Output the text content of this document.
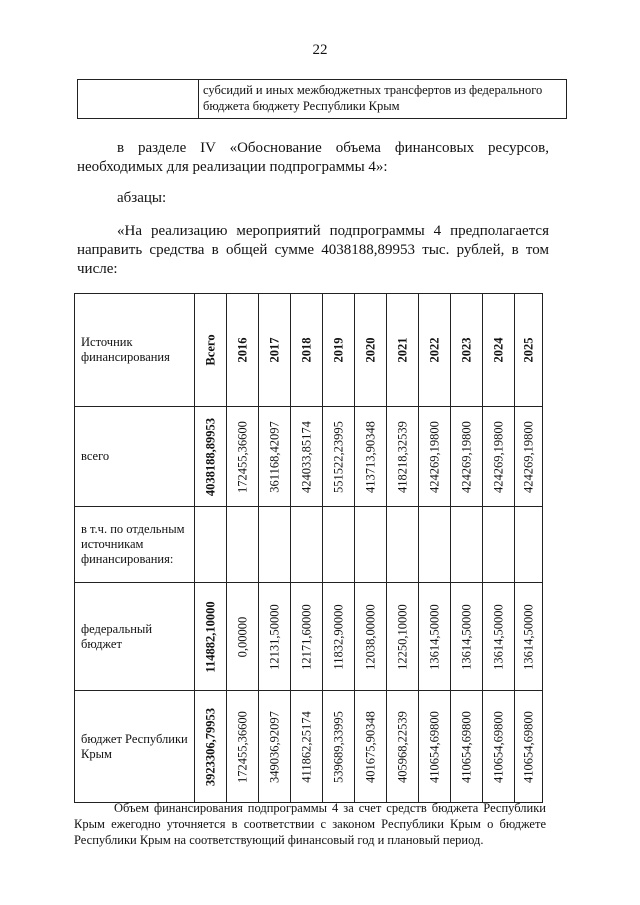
22
субсидий и иных межбюджетных трансфертов из федерального бюджета бюджету Республики Крым
в разделе IV «Обоснование объема финансовых ресурсов, необходимых для реализации подпрограммы 4»:
абзацы:
«На реализацию мероприятий подпрограммы 4 предполагается направить средства в общей сумме 4038188,89953 тыс. рублей, в том числе:
Источник финансирования	Всего	2016	2017	2018	2019	2020	2021	2022	2023	2024	2025

всего	4038188,89953	172455,36600	361168,42097	424033,85174	551522,23995	413713,90348	418218,32539	424269,19800	424269,19800	424269,19800	424269,19800

в т.ч. по отдельным источникам финансирования:											
федеральный бюджет	114882,10000	0,00000	12131,50000	12171,60000	11832,90000	12038,00000	12250,10000	13614,50000	13614,50000	13614,50000	13614,50000

бюджет Республики Крым	3923306,79953	172455,36600	349036,92097	411862,25174	539689,33995	401675,90348	405968,22539	410654,69800	410654,69800	410654,69800	410654,69800
Объем финансирования подпрограммы 4 за счет средств бюджета Республики Крым ежегодно уточняется в соответствии с законом Республики Крым о бюджете Республики Крым на соответствующий финансовый год и плановый период.
